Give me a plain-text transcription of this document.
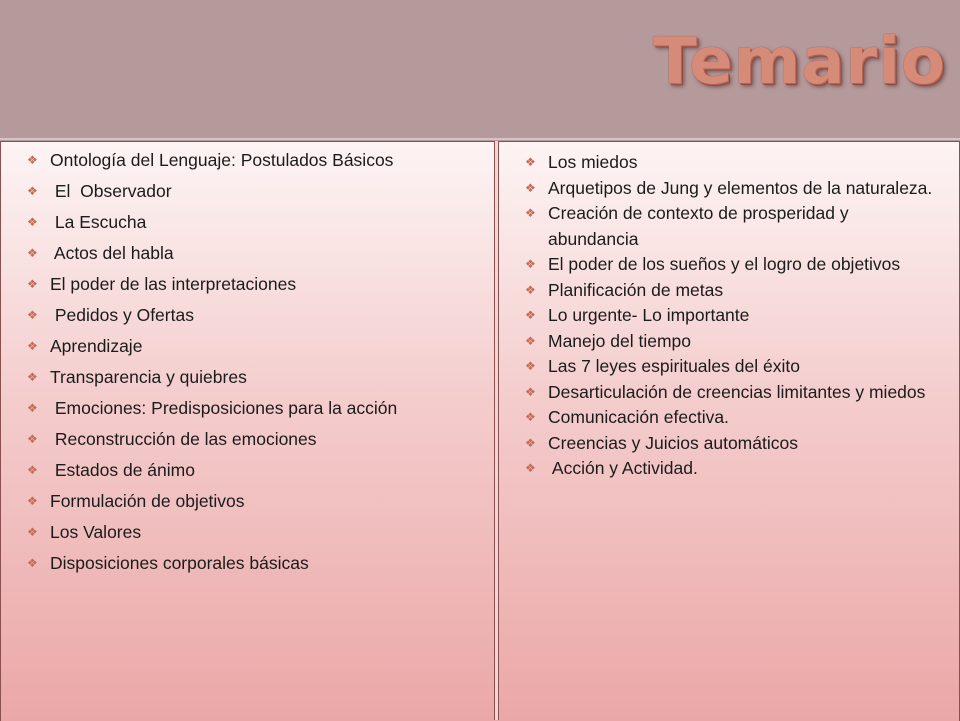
Temario
❖ Ontología del Lenguaje: Postulados Básicos
❖ El  Observador
❖ La Escucha
❖ Actos del habla
❖ El poder de las interpretaciones
❖ Pedidos y Ofertas
❖ Aprendizaje
❖ Transparencia y quiebres
❖ Emociones: Predisposiciones para la acción
❖ Reconstrucción de las emociones
❖ Estados de ánimo
❖ Formulación de objetivos
❖ Los Valores
❖ Disposiciones corporales básicas
❖ Los miedos
❖ Arquetipos de Jung y elementos de la naturaleza.
❖ Creación de contexto de prosperidad y abundancia
❖ El poder de los sueños y el logro de objetivos
❖ Planificación de metas
❖ Lo urgente- Lo importante
❖ Manejo del tiempo
❖ Las 7 leyes espirituales del éxito
❖ Desarticulación de creencias limitantes y miedos
❖ Comunicación efectiva.
❖ Creencias y Juicios automáticos
❖ Acción y Actividad.
